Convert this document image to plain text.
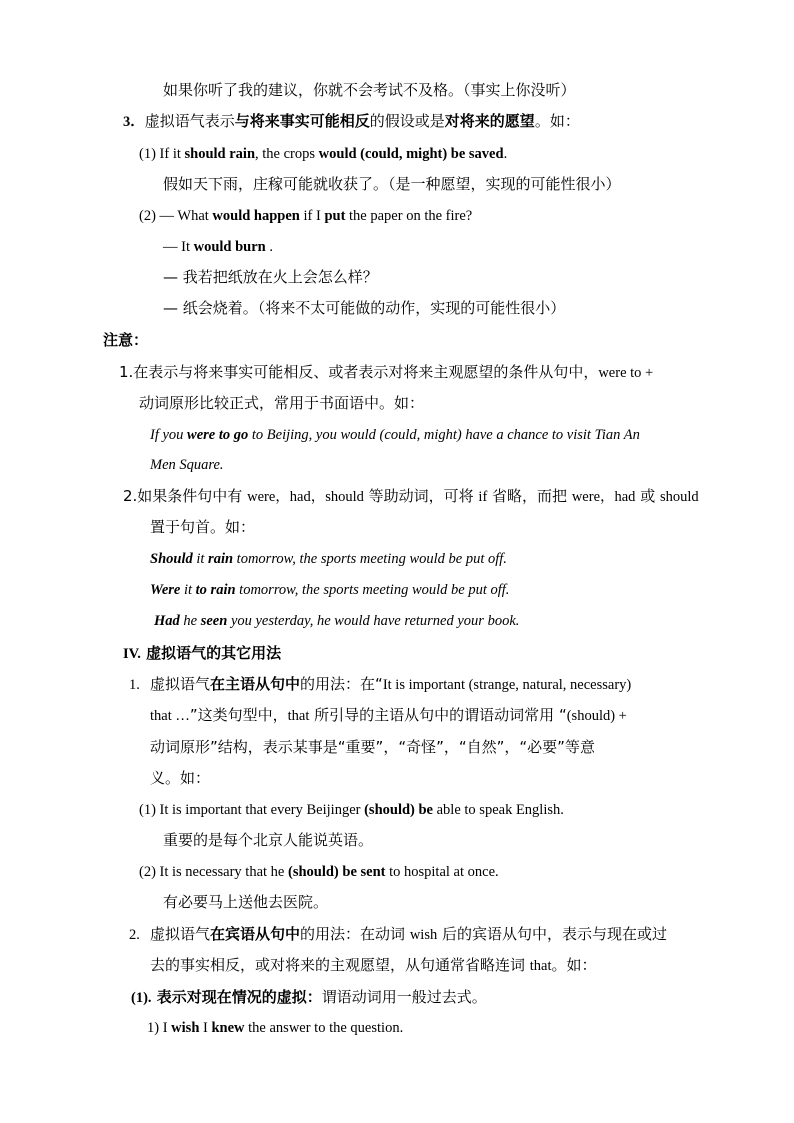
如果你听了我的建议，你就不会考试不及格。（事实上你没听）
3．虚拟语气表示与将来事实可能相反的假设或是对将来的愿望。如：
(1) If it should rain, the crops would (could, might) be saved.
假如天下雨，庄稼可能就收获了。（是一种愿望，实现的可能性很小）
(2) — What would happen if I put the paper on the fire?
— It would burn .
— 我若把纸放在火上会怎么样？
— 纸会烧着。（将来不太可能做的动作，实现的可能性很小）
注意：
1.在表示与将来事实可能相反、或者表示对将来主观愿望的条件从句中，were to +
动词原形比较正式，常用于书面语中。如：
If you were to go to Beijing, you would (could, might) have a chance to visit Tian An
Men Square.
2.如果条件句中有 were，had，should 等助动词，可将 if 省略，而把 were，had 或 should
置于句首。如：
Should it rain tomorrow, the sports meeting would be put off.
Were it to rain tomorrow, the sports meeting would be put off.
Had he seen you yesterday, he would have returned your book.
IV. 虚拟语气的其它用法
1. 虚拟语气在主语从句中的用法：在“It is important (strange, natural, necessary)
that …”这类句型中，that 所引导的主语从句中的谓语动词常用 “(should) +
动词原形”结构，表示某事是“重要”，“奇怪”，“自然”，“必要”等意
义。如：
(1) It is important that every Beijinger (should) be able to speak English.
重要的是每个北京人能说英语。
(2) It is necessary that he (should) be sent to hospital at once.
有必要马上送他去医院。
2. 虚拟语气在宾语从句中的用法：在动词 wish 后的宾语从句中，表示与现在或过
去的事实相反，或对将来的主观愿望，从句通常省略连词 that。如：
(1). 表示对现在情况的虚拟：谓语动词用一般过去式。
1) I wish I knew the answer to the question.
